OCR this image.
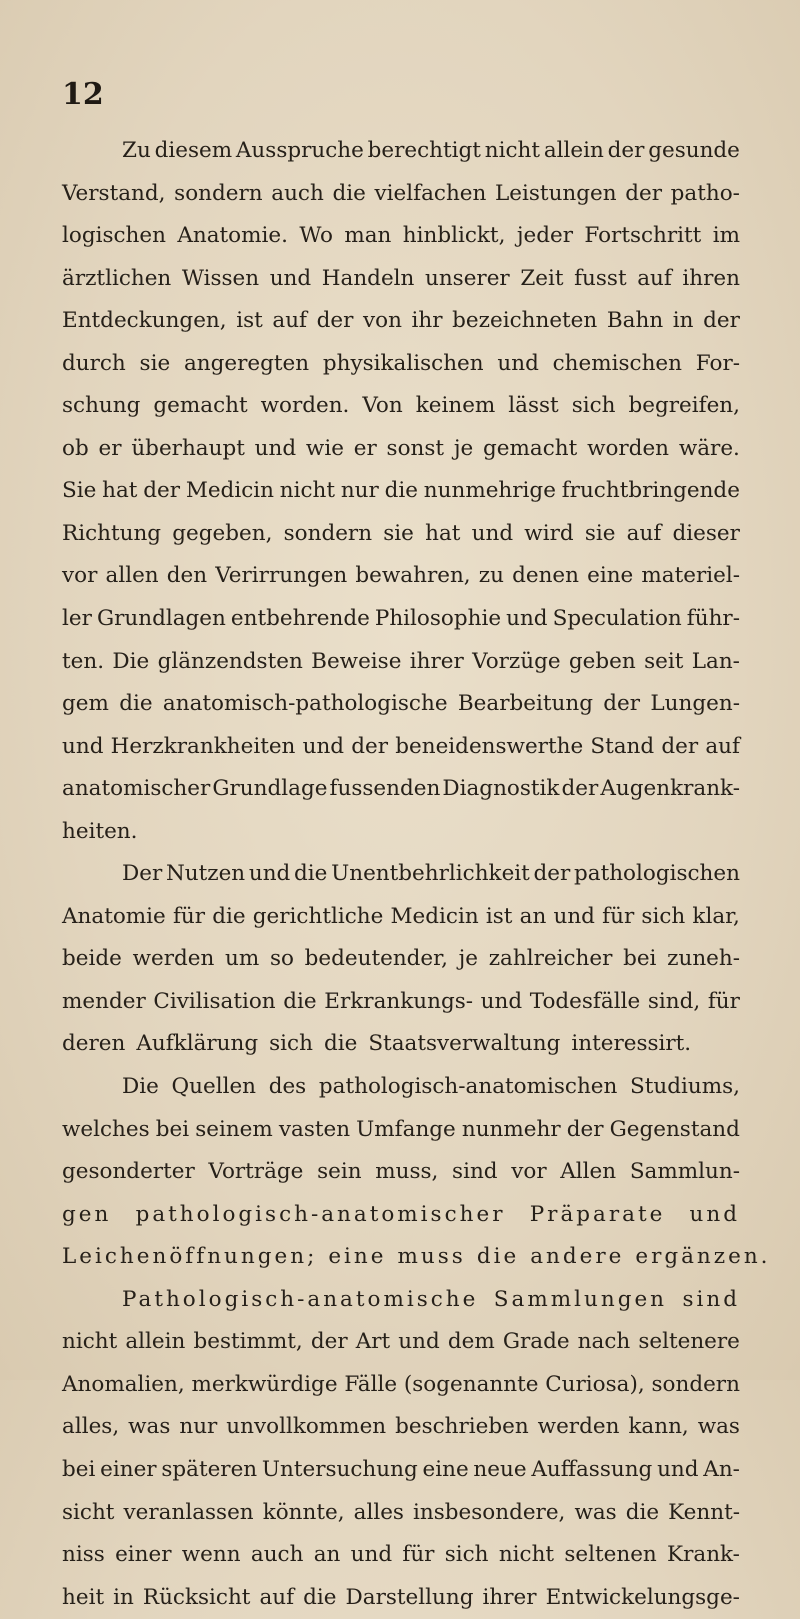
12
Zu diesem Ausspruche berechtigt nicht allein der gesunde
Verstand, sondern auch die vielfachen Leistungen der patho-
logischen Anatomie. Wo man hinblickt, jeder Fortschritt im
ärztlichen Wissen und Handeln unserer Zeit fusst auf ihren
Entdeckungen, ist auf der von ihr bezeichneten Bahn in der
durch sie angeregten physikalischen und chemischen For-
schung gemacht worden. Von keinem lässt sich begreifen,
ob er überhaupt und wie er sonst je gemacht worden wäre.
Sie hat der Medicin nicht nur die nunmehrige fruchtbringende
Richtung gegeben, sondern sie hat und wird sie auf dieser
vor allen den Verirrungen bewahren, zu denen eine materiel-
ler Grundlagen entbehrende Philosophie und Speculation führ-
ten. Die glänzendsten Beweise ihrer Vorzüge geben seit Lan-
gem die anatomisch-pathologische Bearbeitung der Lungen-
und Herzkrankheiten und der beneidenswerthe Stand der auf
anatomischer Grundlage fussenden Diagnostik der Augenkrank-
heiten.
Der Nutzen und die Unentbehrlichkeit der pathologischen
Anatomie für die gerichtliche Medicin ist an und für sich klar,
beide werden um so bedeutender, je zahlreicher bei zuneh-
mender Civilisation die Erkrankungs- und Todesfälle sind, für
deren Aufklärung sich die Staatsverwaltung interessirt.
Die Quellen des pathologisch-anatomischen Studiums,
welches bei seinem vasten Umfange nunmehr der Gegenstand
gesonderter Vorträge sein muss, sind vor Allen Sammlun-
gen pathologisch-anatomischer Präparate und
Leichenöffnungen; eine muss die andere ergänzen.
Pathologisch-anatomische Sammlungen sind
nicht allein bestimmt, der Art und dem Grade nach seltenere
Anomalien, merkwürdige Fälle (sogenannte Curiosa), sondern
alles, was nur unvollkommen beschrieben werden kann, was
bei einer späteren Untersuchung eine neue Auffassung und An-
sicht veranlassen könnte, alles insbesondere, was die Kennt-
niss einer wenn auch an und für sich nicht seltenen Krank-
heit in Rücksicht auf die Darstellung ihrer Entwickelungsge-
